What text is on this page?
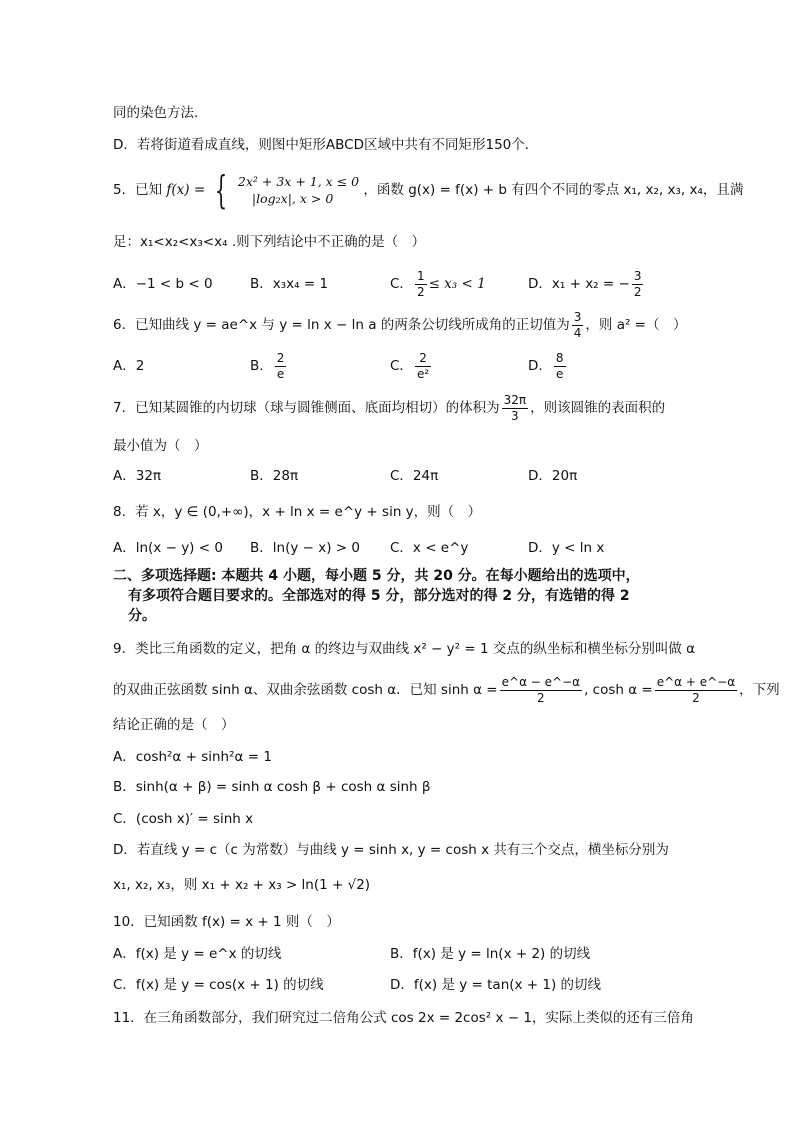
同的染色方法．
D．若将街道看成直线，则图中矩形ABCD区域中共有不同矩形150个．
5．已知 f(x) = { 2x² + 3x + 1, x ≤ 0
|log₂x|, x > 0
，函数 g(x) = f(x) + b 有四个不同的零点 x₁, x₂, x₃, x₄，且满
足：x₁<x₂<x₃<x₄ .则下列结论中不正确的是（　）
A．−1 < b < 0	B．x₃x₄ = 1	C． $\frac{1}{2} \le x_3 < 1$	D．x₁ + x₂ = − $\frac{3}{2}$
6．已知曲线 y = ae^x 与 y = ln x − ln a 的两条公切线所成角的正切值为 $\frac{3}{4}$ ，则 a² =（　）
A．2	B． $\frac{2}{e}$	C． $\frac{2}{\text{e²}}$	D． $\frac{8}{e}$
7．已知某圆锥的内切球（球与圆锥侧面、底面均相切）的体积为 $\frac{32\pi}{3}$ ，则该圆锥的表面积的
最小值为（　）
A．32π	B．28π	C．24π	D．20π
8．若 x，y ∈ (0,+∞)，x + ln x = e^y + sin y，则（　）
A．ln(x − y) < 0 B．ln(y − x) > 0 C．x < e^y	D．y < ln x
二、多项选择题: 本题共 4 小题，每小题 5 分，共 20 分。在每小题给出的选项中，
有多项符合题目要求的。全部选对的得 5 分，部分选对的得 2 分，有选错的得 2
分。
9．类比三角函数的定义，把角 α 的终边与双曲线 x² − y² = 1 交点的纵坐标和横坐标分别叫做 α
的双曲正弦函数 sinh α、双曲余弦函数 cosh α．已知 $\sinh \alpha = \frac{e\^{}\alpha - e\^{}-\alpha}{2}$ , $\cosh \alpha = \frac{e\^{}\alpha + e\^{}-\alpha}{2}$ ，下列
结论正确的是（　）
A．cosh²α + sinh²α = 1
B．sinh(α + β) = sinh α cosh β + cosh α sinh β
C．(cosh x)′ = sinh x
D．若直线 y = c（c 为常数）与曲线 y = sinh x, y = cosh x 共有三个交点，横坐标分别为
x₁, x₂, x₃，则 x₁ + x₂ + x₃ > ln(1 + √2)
10．已知函数 f(x) = x + 1 则（　）
A．f(x) 是 y = e^x 的切线	B．f(x) 是 y = ln(x + 2) 的切线
C．f(x) 是 y = cos(x + 1) 的切线	D．f(x) 是 y = tan(x + 1) 的切线
11．在三角函数部分，我们研究过二倍角公式 cos 2x = 2cos² x − 1，实际上类似的还有三倍角
